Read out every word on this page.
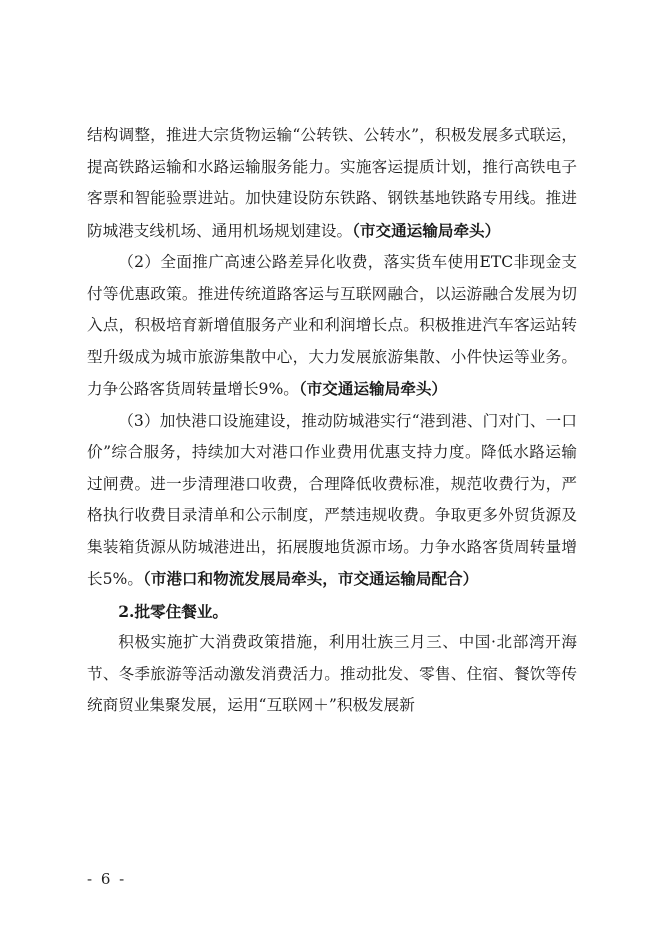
结构调整，推进大宗货物运输“公转铁、公转水”，积极发展多式联运，提高铁路运输和水路运输服务能力。实施客运提质计划，推行高铁电子客票和智能验票进站。加快建设防东铁路、钢铁基地铁路专用线。推进防城港支线机场、通用机场规划建设。（市交通运输局牵头）

（2）全面推广高速公路差异化收费，落实货车使用ETC非现金支付等优惠政策。推进传统道路客运与互联网融合，以运游融合发展为切入点，积极培育新增值服务产业和利润增长点。积极推进汽车客运站转型升级成为城市旅游集散中心，大力发展旅游集散、小件快运等业务。力争公路客货周转量增长9%。（市交通运输局牵头）

（3）加快港口设施建设，推动防城港实行“港到港、门对门、一口价”综合服务，持续加大对港口作业费用优惠支持力度。降低水路运输过闸费。进一步清理港口收费，合理降低收费标准，规范收费行为，严格执行收费目录清单和公示制度，严禁违规收费。争取更多外贸货源及集装箱货源从防城港进出，拓展腹地货源市场。力争水路客货周转量增长5%。（市港口和物流发展局牵头，市交通运输局配合）

2.批零住餐业。

积极实施扩大消费政策措施，利用壮族三月三、中国·北部湾开海节、冬季旅游等活动激发消费活力。推动批发、零售、住宿、餐饮等传统商贸业集聚发展，运用“互联网＋”积极发展新

- 6 -
